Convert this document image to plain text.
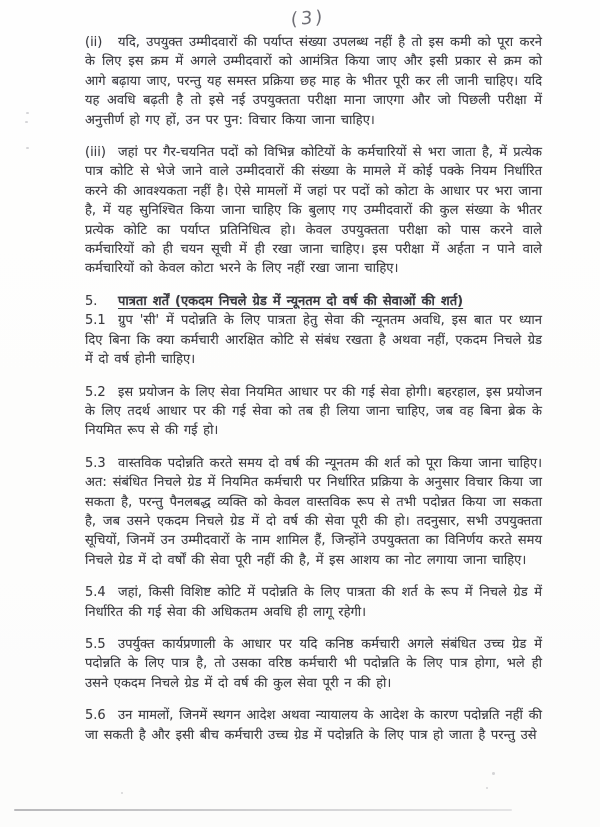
(3)
(ii) यदि, उपयुक्त उम्मीदवारों की पर्याप्त संख्या उपलब्ध नहीं है तो इस कमी को पूरा करने के लिए इस क्रम में अगले उम्मीदवारों को आमंत्रित किया जाए और इसी प्रकार से क्रम को आगे बढ़ाया जाए, परन्तु यह समस्त प्रक्रिया छह माह के भीतर पूरी कर ली जानी चाहिए। यदि यह अवधि बढ़ती है तो इसे नई उपयुक्तता परीक्षा माना जाएगा और जो पिछली परीक्षा में अनुत्तीर्ण हो गए हों, उन पर पुन: विचार किया जाना चाहिए।
(iii) जहां पर गैर-चयनित पदों को विभिन्न कोटियों के कर्मचारियों से भरा जाता है, में प्रत्येक पात्र कोटि से भेजे जाने वाले उम्मीदवारों की संख्या के मामले में कोई पक्के नियम निर्धारित करने की आवश्यकता नहीं है। ऐसे मामलों में जहां पर पदों को कोटा के आधार पर भरा जाना है, में यह सुनिश्चित किया जाना चाहिए कि बुलाए गए उम्मीदवारों की कुल संख्या के भीतर प्रत्येक कोटि का पर्याप्त प्रतिनिधित्व हो। केवल उपयुक्तता परीक्षा को पास करने वाले कर्मचारियों को ही चयन सूची में ही रखा जाना चाहिए। इस परीक्षा में अर्हता न पाने वाले कर्मचारियों को केवल कोटा भरने के लिए नहीं रखा जाना चाहिए।
5. पात्रता शर्तें (एकदम निचले ग्रेड में न्यूनतम दो वर्ष की सेवाओं की शर्त)
5.1 ग्रुप 'सी' में पदोन्नति के लिए पात्रता हेतु सेवा की न्यूनतम अवधि, इस बात पर ध्यान दिए बिना कि क्या कर्मचारी आरक्षित कोटि से संबंध रखता है अथवा नहीं, एकदम निचले ग्रेड में दो वर्ष होनी चाहिए।
5.2 इस प्रयोजन के लिए सेवा नियमित आधार पर की गई सेवा होगी। बहरहाल, इस प्रयोजन के लिए तदर्थ आधार पर की गई सेवा को तब ही लिया जाना चाहिए, जब वह बिना ब्रेक के नियमित रूप से की गई हो।
5.3 वास्तविक पदोन्नति करते समय दो वर्ष की न्यूनतम की शर्त को पूरा किया जाना चाहिए। अत: संबंधित निचले ग्रेड में नियमित कर्मचारी पर निर्धारित प्रक्रिया के अनुसार विचार किया जा सकता है, परन्तु पैनलबद्ध व्यक्ति को केवल वास्तविक रूप से तभी पदोन्नत किया जा सकता है, जब उसने एकदम निचले ग्रेड में दो वर्ष की सेवा पूरी की हो। तदनुसार, सभी उपयुक्तता सूचियों, जिनमें उन उम्मीदवारों के नाम शामिल हैं, जिन्होंने उपयुक्तता का विनिर्णय करते समय निचले ग्रेड में दो वर्षों की सेवा पूरी नहीं की है, में इस आशय का नोट लगाया जाना चाहिए।
5.4 जहां, किसी विशिष्ट कोटि में पदोन्नति के लिए पात्रता की शर्त के रूप में निचले ग्रेड में निर्धारित की गई सेवा की अधिकतम अवधि ही लागू रहेगी।
5.5 उपर्युक्त कार्यप्रणाली के आधार पर यदि कनिष्ठ कर्मचारी अगले संबंधित उच्च ग्रेड में पदोन्नति के लिए पात्र है, तो उसका वरिष्ठ कर्मचारी भी पदोन्नति के लिए पात्र होगा, भले ही उसने एकदम निचले ग्रेड में दो वर्ष की कुल सेवा पूरी न की हो।
5.6 उन मामलों, जिनमें स्थगन आदेश अथवा न्यायालय के आदेश के कारण पदोन्नति नहीं की जा सकती है और इसी बीच कर्मचारी उच्च ग्रेड में पदोन्नति के लिए पात्र हो जाता है परन्तु उसे
